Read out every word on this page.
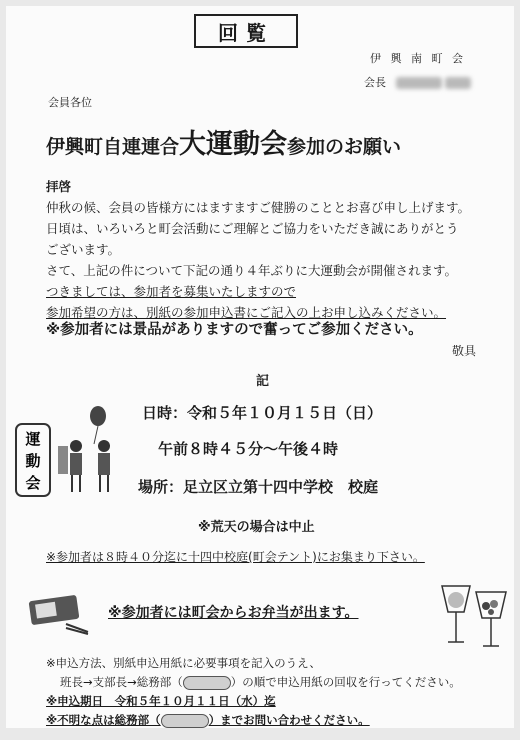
回覧
伊 興 南 町 会
会長
会員各位
伊興町自連連合大運動会参加のお願い
拝啓
仲秋の候、会員の皆様方にはますますご健勝のこととお喜び申し上げます。
日頃は、いろいろと町会活動にご理解とご協力をいただき誠にありがとう
ございます。
さて、上記の件について下記の通り４年ぶりに大運動会が開催されます。
つきましては、参加者を募集いたしますので
参加希望の方は、別紙の参加申込書にご記入の上お申し込みください。
※参加者には景品がありますので奮ってご参加ください。
敬具
記
日時：令和５年１０月１５日（日）
午前８時４５分〜午後４時
場所：足立区立第十四中学校　校庭
※荒天の場合は中止
運
動
会
※参加者は８時４０分迄に十四中校庭(町会テント)にお集まり下さい。
※参加者には町会からお弁当が出ます。
※申込方法、別紙申込用紙に必要事項を記入のうえ、
班長→支部長→総務部（	）の順で申込用紙の回収を行ってください。
※申込期日　令和５年１０月１１日（水）迄
※不明な点は総務部（	）までお問い合わせください。
